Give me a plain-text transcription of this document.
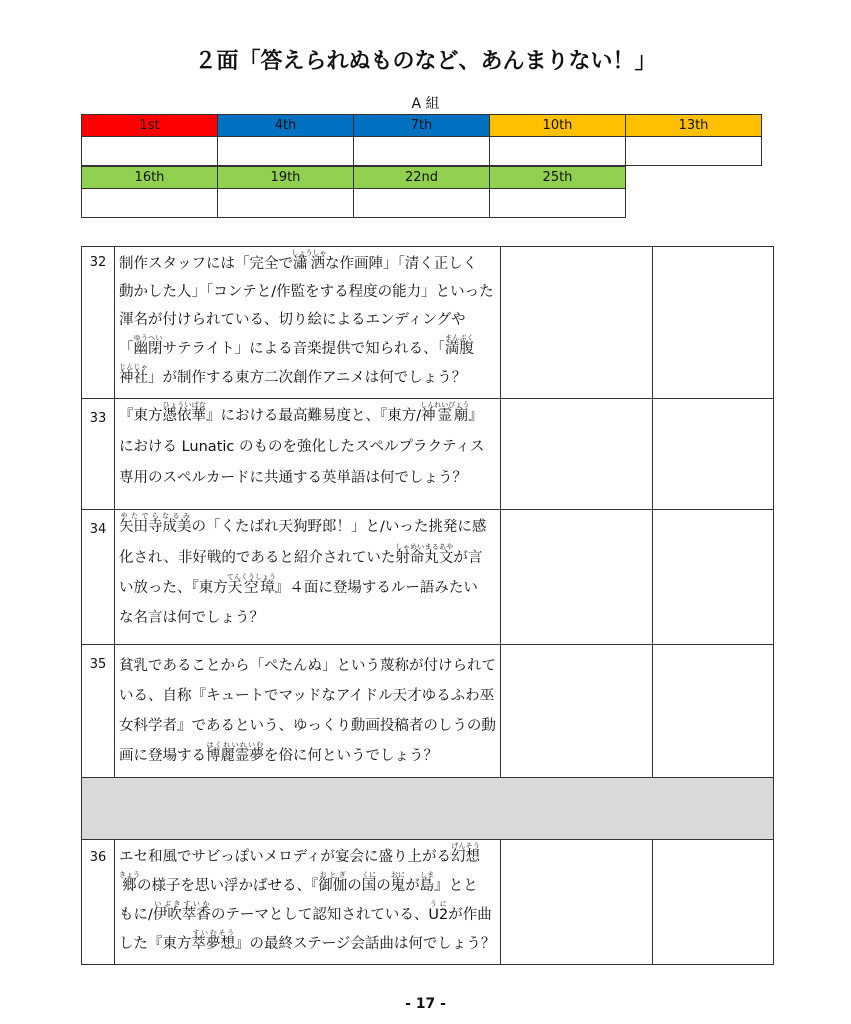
２面「答えられぬものなど、あんまりない！」
A 組
1st	4th	7th	10th	13th

16th	19th	22nd	25th

32	制作スタッフには「完全で瀟洒しょうしゃな作画陣」「清く正しく
動かした人」「コンテと/作監をする程度の能力」といった
渾名が付けられている、切り絵によるエンディングや
「幽閉ゆうへいサテライト」による音楽提供で知られる、「満腹まんぷく
神社じんじゃ」が制作する東方二次創作アニメは何でしょう？		

33	『東方憑依華ひょういばな』における最高難易度と、『東方/神霊廟しんれいびょう』
における Lunatic のものを強化したスペルプラクティス
専用のスペルカードに共通する英単語は何でしょう？		

34	矢田寺成美やたでらなるみの「くたばれ天狗野郎！」と/いった挑発に感
化され、非好戦的であると紹介されていた射命丸文しゃめいまるあやが言
い放った、『東方天空璋てんくうしょう』４面に登場するルー語みたい
な名言は何でしょう？		

35	貧乳であることから「ぺたんぬ」という蔑称が付けられて
いる、自称『キュートでマッドなアイドル天才ゆるふわ巫
女科学者』であるという、ゆっくり動画投稿者のしうの動
画に登場する博麗霊夢はくれいれいむを俗に何というでしょう？		

36	エセ和風でサビっぽいメロディが宴会に盛り上がる幻想げんそう
郷きょうの様子を思い浮かばせる、『御伽おとぎの国くにの鬼おにが島しま』とと
もに/伊吹萃香いぶきすいかのテーマとして認知されている、U2うにが作曲
した『東方萃夢想すいむそう』の最終ステージ会話曲は何でしょう？		

- 17 -
